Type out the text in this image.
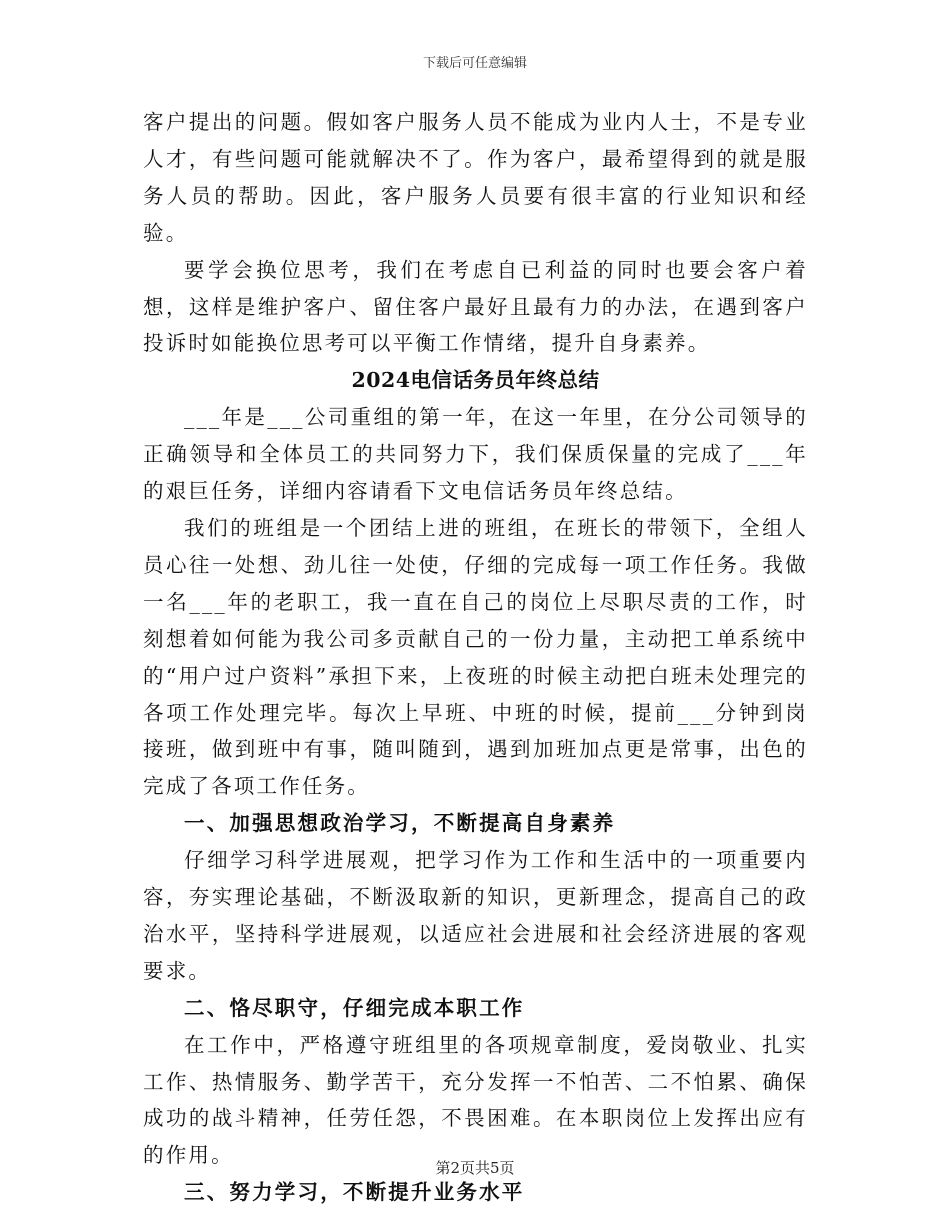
下载后可任意编辑

客户提出的问题。假如客户服务人员不能成为业内人士，不是专业人才，有些问题可能就解决不了。作为客户，最希望得到的就是服务人员的帮助。因此，客户服务人员要有很丰富的行业知识和经验。

要学会换位思考，我们在考虑自已利益的同时也要会客户着想，这样是维护客户、留住客户最好且最有力的办法，在遇到客户投诉时如能换位思考可以平衡工作情绪，提升自身素养。

2024电信话务员年终总结

___年是___公司重组的第一年，在这一年里，在分公司领导的正确领导和全体员工的共同努力下，我们保质保量的完成了___年的艰巨任务，详细内容请看下文电信话务员年终总结。

我们的班组是一个团结上进的班组，在班长的带领下，全组人员心往一处想、劲儿往一处使，仔细的完成每一项工作任务。我做一名___年的老职工，我一直在自己的岗位上尽职尽责的工作，时刻想着如何能为我公司多贡献自己的一份力量，主动把工单系统中的“用户过户资料”承担下来，上夜班的时候主动把白班未处理完的各项工作处理完毕。每次上早班、中班的时候，提前___分钟到岗接班，做到班中有事，随叫随到，遇到加班加点更是常事，出色的完成了各项工作任务。

一、加强思想政治学习，不断提高自身素养

仔细学习科学进展观，把学习作为工作和生活中的一项重要内容，夯实理论基础，不断汲取新的知识，更新理念，提高自己的政治水平，坚持科学进展观，以适应社会进展和社会经济进展的客观要求。

二、恪尽职守，仔细完成本职工作

在工作中，严格遵守班组里的各项规章制度，爱岗敬业、扎实工作、热情服务、勤学苦干，充分发挥一不怕苦、二不怕累、确保成功的战斗精神，任劳任怨，不畏困难。在本职岗位上发挥出应有的作用。

三、努力学习，不断提升业务水平

第2页共5页
